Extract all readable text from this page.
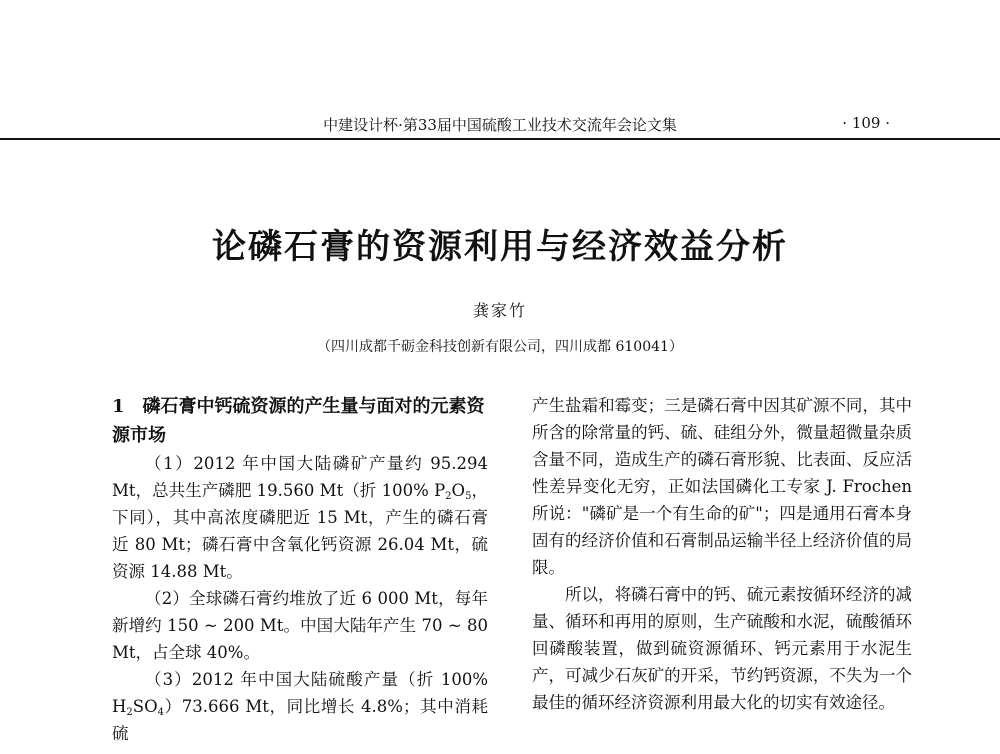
中建设计杯·第33届中国硫酸工业技术交流年会论文集	· 109 ·
论磷石膏的资源利用与经济效益分析
龚家竹
（四川成都千砺金科技创新有限公司，四川成都 610041）
1　磷石膏中钙硫资源的产生量与面对的元素资源市场

（1）2012 年中国大陆磷矿产量约 95.294 Mt，总共生产磷肥 19.560 Mt（折 100% $P_2O_5$，下同），其中高浓度磷肥近 15 Mt，产生的磷石膏近 80 Mt；磷石膏中含氧化钙资源 26.04 Mt，硫资源 14.88 Mt。

（2）全球磷石膏约堆放了近 6 000 Mt，每年新增约 150 ~ 200 Mt。中国大陆年产生 70 ~ 80 Mt，占全球 40%。

（3）2012 年中国大陆硫酸产量（折 100% $H_2SO_4)73.666$ Mt，同比增长 4.8%；其中消耗硫

产生盐霜和霉变；三是磷石膏中因其矿源不同，其中所含的除常量的钙、硫、硅组分外，微量超微量杂质含量不同，造成生产的磷石膏形貌、比表面、反应活性差异变化无穷，正如法国磷化工专家 J. Frochen所说："磷矿是一个有生命的矿"；四是通用石膏本身固有的经济价值和石膏制品运输半径上经济价值的局限。

所以，将磷石膏中的钙、硫元素按循环经济的减量、循环和再用的原则，生产硫酸和水泥，硫酸循环回磷酸装置，做到硫资源循环、钙元素用于水泥生产，可减少石灰矿的开采，节约钙资源，不失为一个最佳的循环经济资源利用最大化的切实有效途径。
